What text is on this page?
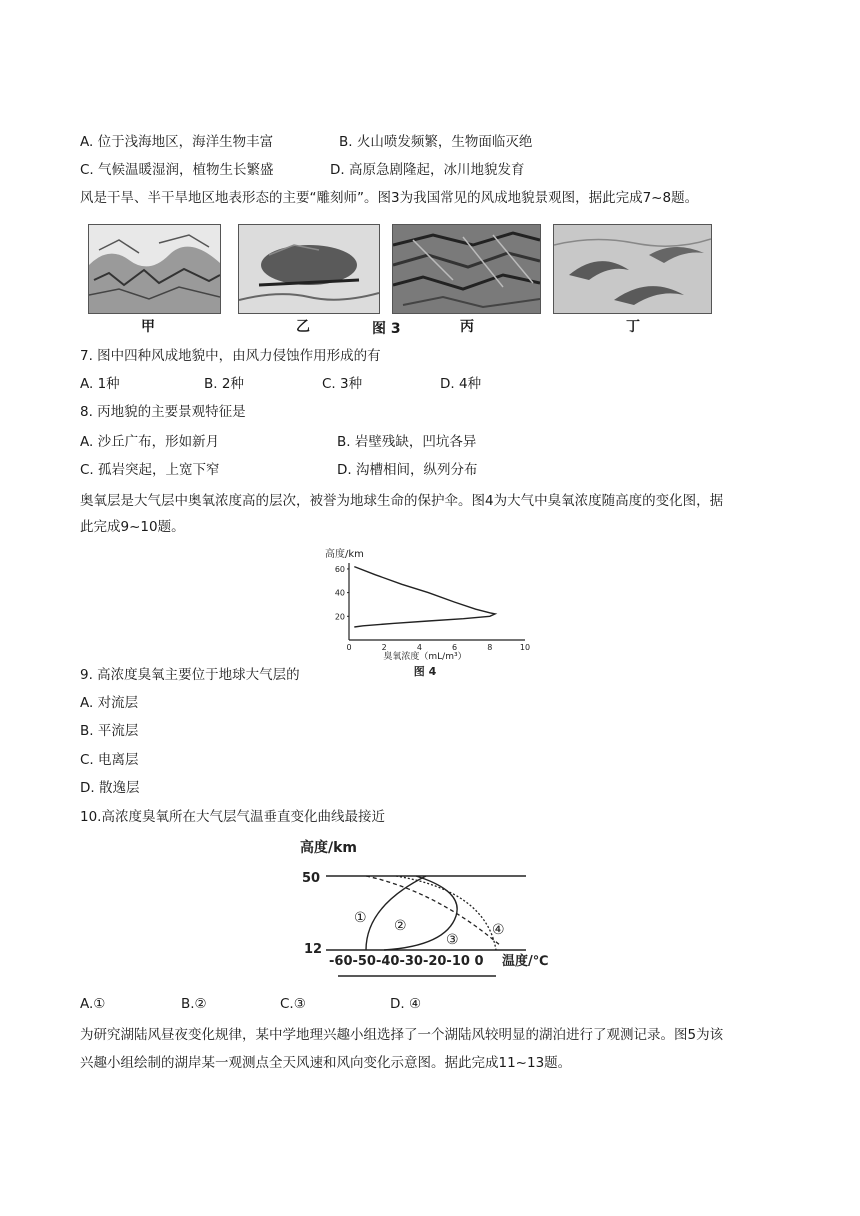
A. 位于浅海地区，海洋生物丰富	B. 火山喷发频繁，生物面临灭绝
C. 气候温暖湿润，植物生长繁盛	D. 高原急剧隆起，冰川地貌发育
风是干旱、半干旱地区地表形态的主要“雕刻师”。图3为我国常见的风成地貌景观图，据此完成7~8题。
甲	乙	图 3	丙	丁
7. 图中四种风成地貌中，由风力侵蚀作用形成的有
A. 1种	B. 2种	C. 3种	D. 4种
8. 丙地貌的主要景观特征是
A. 沙丘广布，形如新月	B. 岩壁残缺，凹坑各异
C. 孤岩突起，上宽下窄	D. 沟槽相间，纵列分布
奥氧层是大气层中奥氧浓度高的层次，被誉为地球生命的保护伞。图4为大气中臭氧浓度随高度的变化图，据
此完成9~10题。
高度/km
0	2	4	6	8	10
60
40
20
臭氧浓度（mL/m³）
图 4
9. 高浓度臭氧主要位于地球大气层的
A. 对流层
B. 平流层
C. 电离层
D. 散逸层
10.高浓度臭氧所在大气层气温垂直变化曲线最接近
高度/km
50
12
① ②
③
④
-60-50-40-30-20-10 0 温度/℃
A.①	B.②	C.③	D. ④
为研究湖陆风昼夜变化规律，某中学地理兴趣小组选择了一个湖陆风较明显的湖泊进行了观测记录。图5为该
兴趣小组绘制的湖岸某一观测点全天风速和风向变化示意图。据此完成11~13题。
